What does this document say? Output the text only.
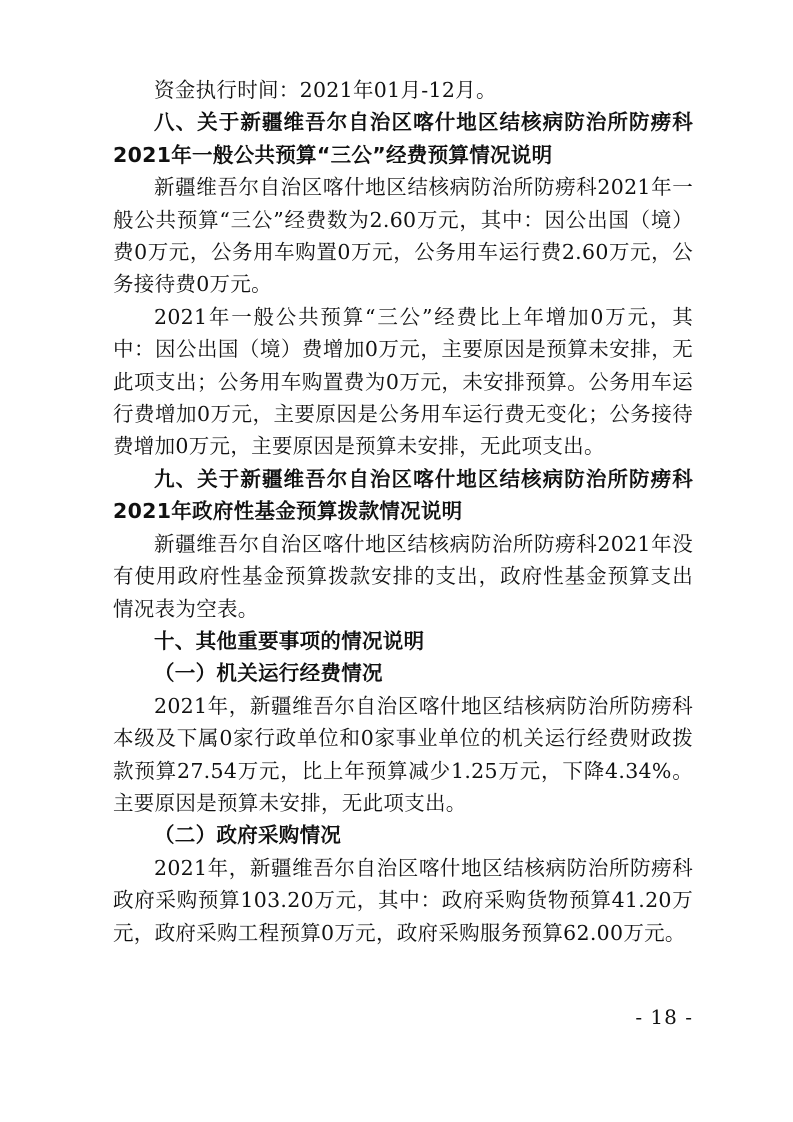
资金执行时间：2021年01月-12月。

八、关于新疆维吾尔自治区喀什地区结核病防治所防痨科2021年一般公共预算“三公”经费预算情况说明

新疆维吾尔自治区喀什地区结核病防治所防痨科2021年一般公共预算“三公”经费数为2.60万元，其中：因公出国（境）费0万元，公务用车购置0万元，公务用车运行费2.60万元，公务接待费0万元。

2021年一般公共预算“三公”经费比上年增加0万元，其中：因公出国（境）费增加0万元，主要原因是预算未安排，无此项支出；公务用车购置费为0万元，未安排预算。公务用车运行费增加0万元，主要原因是公务用车运行费无变化；公务接待费增加0万元，主要原因是预算未安排，无此项支出。

九、关于新疆维吾尔自治区喀什地区结核病防治所防痨科2021年政府性基金预算拨款情况说明

新疆维吾尔自治区喀什地区结核病防治所防痨科2021年没有使用政府性基金预算拨款安排的支出，政府性基金预算支出情况表为空表。

十、其他重要事项的情况说明

（一）机关运行经费情况

2021年，新疆维吾尔自治区喀什地区结核病防治所防痨科本级及下属0家行政单位和0家事业单位的机关运行经费财政拨款预算27.54万元，比上年预算减少1.25万元，下降4.34%。主要原因是预算未安排，无此项支出。

（二）政府采购情况

2021年，新疆维吾尔自治区喀什地区结核病防治所防痨科政府采购预算103.20万元，其中：政府采购货物预算41.20万元，政府采购工程预算0万元，政府采购服务预算62.00万元。

- 18 -
